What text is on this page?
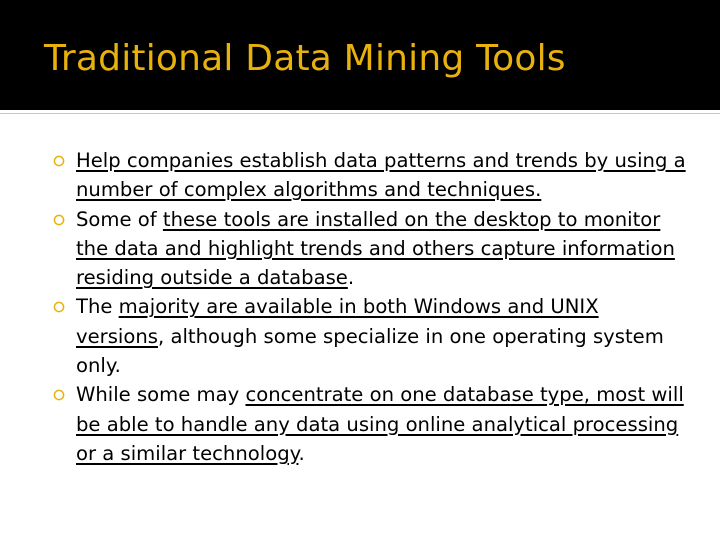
Traditional Data Mining Tools
Help companies establish data patterns and trends by using a number of complex algorithms and techniques.
Some of these tools are installed on the desktop to monitor the data and highlight trends and others capture information residing outside a database.
The majority are available in both Windows and UNIX versions, although some specialize in one operating system only.
While some may concentrate on one database type, most will be able to handle any data using online analytical processing or a similar technology.
